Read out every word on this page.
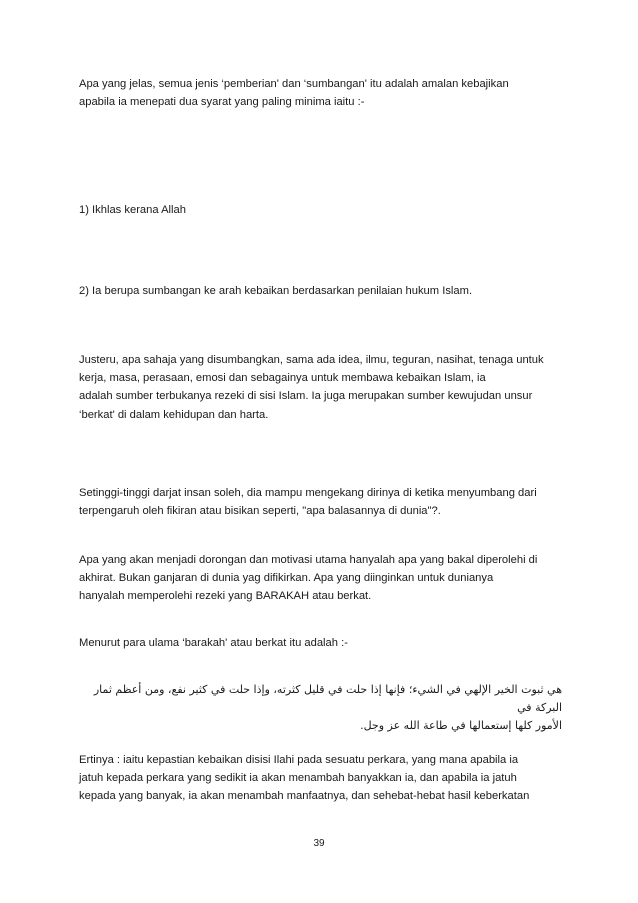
Apa yang jelas, semua jenis ‘pemberian' dan ‘sumbangan' itu adalah amalan kebajikan
apabila ia menepati dua syarat yang paling minima iaitu :-
1) Ikhlas kerana Allah
2) Ia berupa sumbangan ke arah kebaikan berdasarkan penilaian hukum Islam.
Justeru, apa sahaja yang disumbangkan, sama ada idea, ilmu, teguran, nasihat, tenaga untuk
kerja, masa, perasaan, emosi dan sebagainya untuk membawa kebaikan Islam, ia
adalah sumber terbukanya rezeki di sisi Islam. Ia juga merupakan sumber kewujudan unsur
‘berkat' di dalam kehidupan dan harta.
Setinggi-tinggi darjat insan soleh, dia mampu mengekang dirinya di ketika menyumbang dari
terpengaruh oleh fikiran atau bisikan seperti, "apa balasannya di dunia"?.
Apa yang akan menjadi dorongan dan motivasi utama hanyalah apa yang bakal diperolehi di
akhirat. Bukan ganjaran di dunia yag difikirkan. Apa yang diinginkan untuk dunianya
hanyalah memperolehi rezeki yang BARAKAH atau berkat.
Menurut para ulama ‘barakah' atau berkat itu adalah :-
هي ثبوت الخير الإلهي في الشيء؛ فإنها إذا حلت في قليل كثرته، وإذا حلت في كثير نفع، ومن أعظم ثمار البركة في
الأمور كلها إستعمالها في طاعة الله عز وجل.
Ertinya : iaitu kepastian kebaikan disisi Ilahi pada sesuatu perkara, yang mana apabila ia
jatuh kepada perkara yang sedikit ia akan menambah banyakkan ia, dan apabila ia jatuh
kepada yang banyak, ia akan menambah manfaatnya, dan sehebat-hebat hasil keberkatan
39
